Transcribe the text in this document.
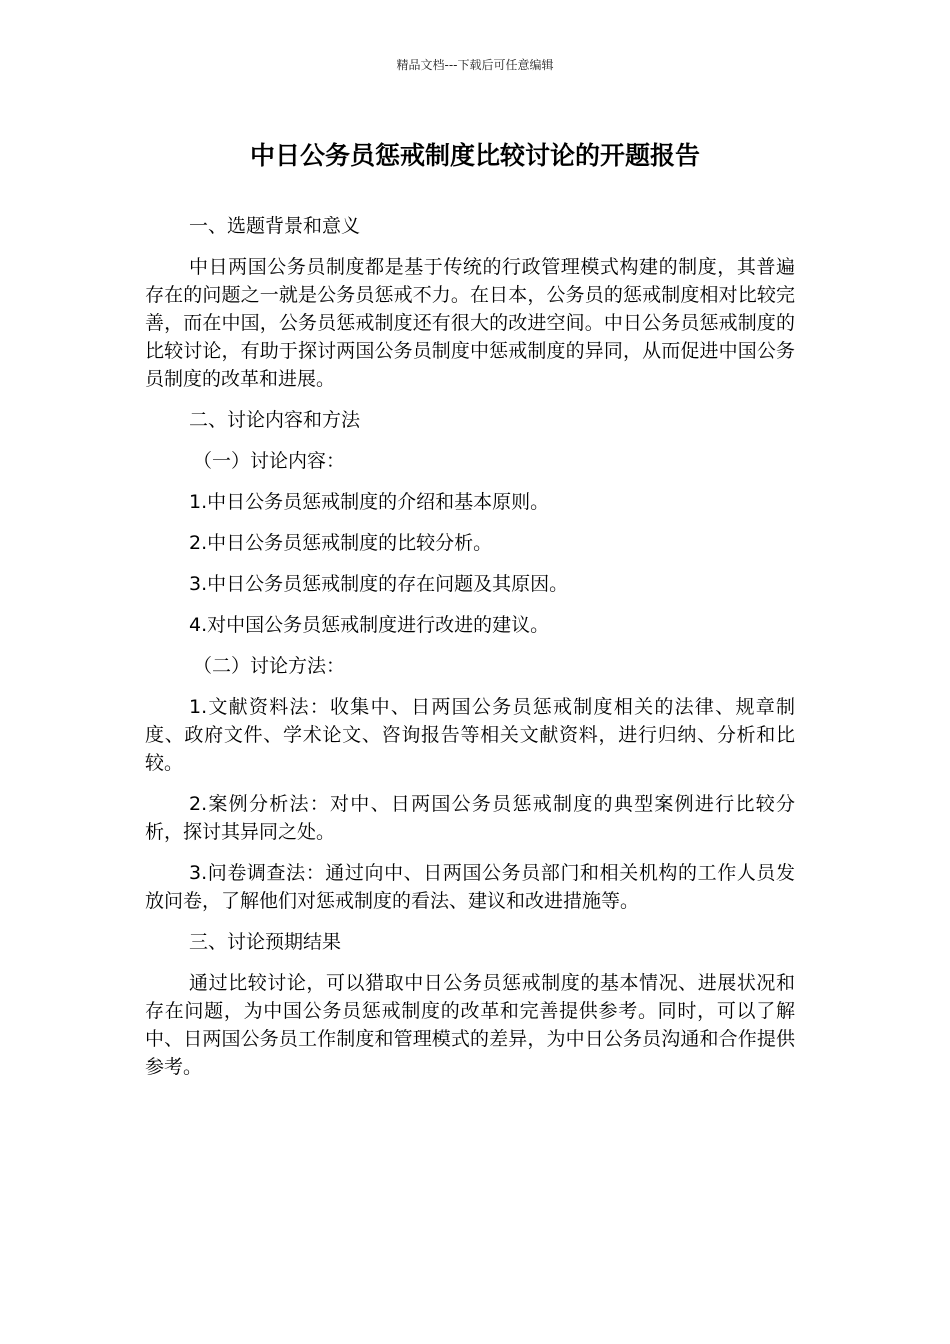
精品文档---下载后可任意编辑
中日公务员惩戒制度比较讨论的开题报告

一、选题背景和意义

中日两国公务员制度都是基于传统的行政管理模式构建的制度，其普遍存在的问题之一就是公务员惩戒不力。在日本，公务员的惩戒制度相对比较完善，而在中国，公务员惩戒制度还有很大的改进空间。中日公务员惩戒制度的比较讨论，有助于探讨两国公务员制度中惩戒制度的异同，从而促进中国公务员制度的改革和进展。

二、讨论内容和方法

（一）讨论内容：

1.中日公务员惩戒制度的介绍和基本原则。

2.中日公务员惩戒制度的比较分析。

3.中日公务员惩戒制度的存在问题及其原因。

4.对中国公务员惩戒制度进行改进的建议。

（二）讨论方法：

1.文献资料法：收集中、日两国公务员惩戒制度相关的法律、规章制度、政府文件、学术论文、咨询报告等相关文献资料，进行归纳、分析和比较。

2.案例分析法：对中、日两国公务员惩戒制度的典型案例进行比较分析，探讨其异同之处。

3.问卷调查法：通过向中、日两国公务员部门和相关机构的工作人员发放问卷，了解他们对惩戒制度的看法、建议和改进措施等。

三、讨论预期结果

通过比较讨论，可以猎取中日公务员惩戒制度的基本情况、进展状况和存在问题，为中国公务员惩戒制度的改革和完善提供参考。同时，可以了解中、日两国公务员工作制度和管理模式的差异，为中日公务员沟通和合作提供参考。
